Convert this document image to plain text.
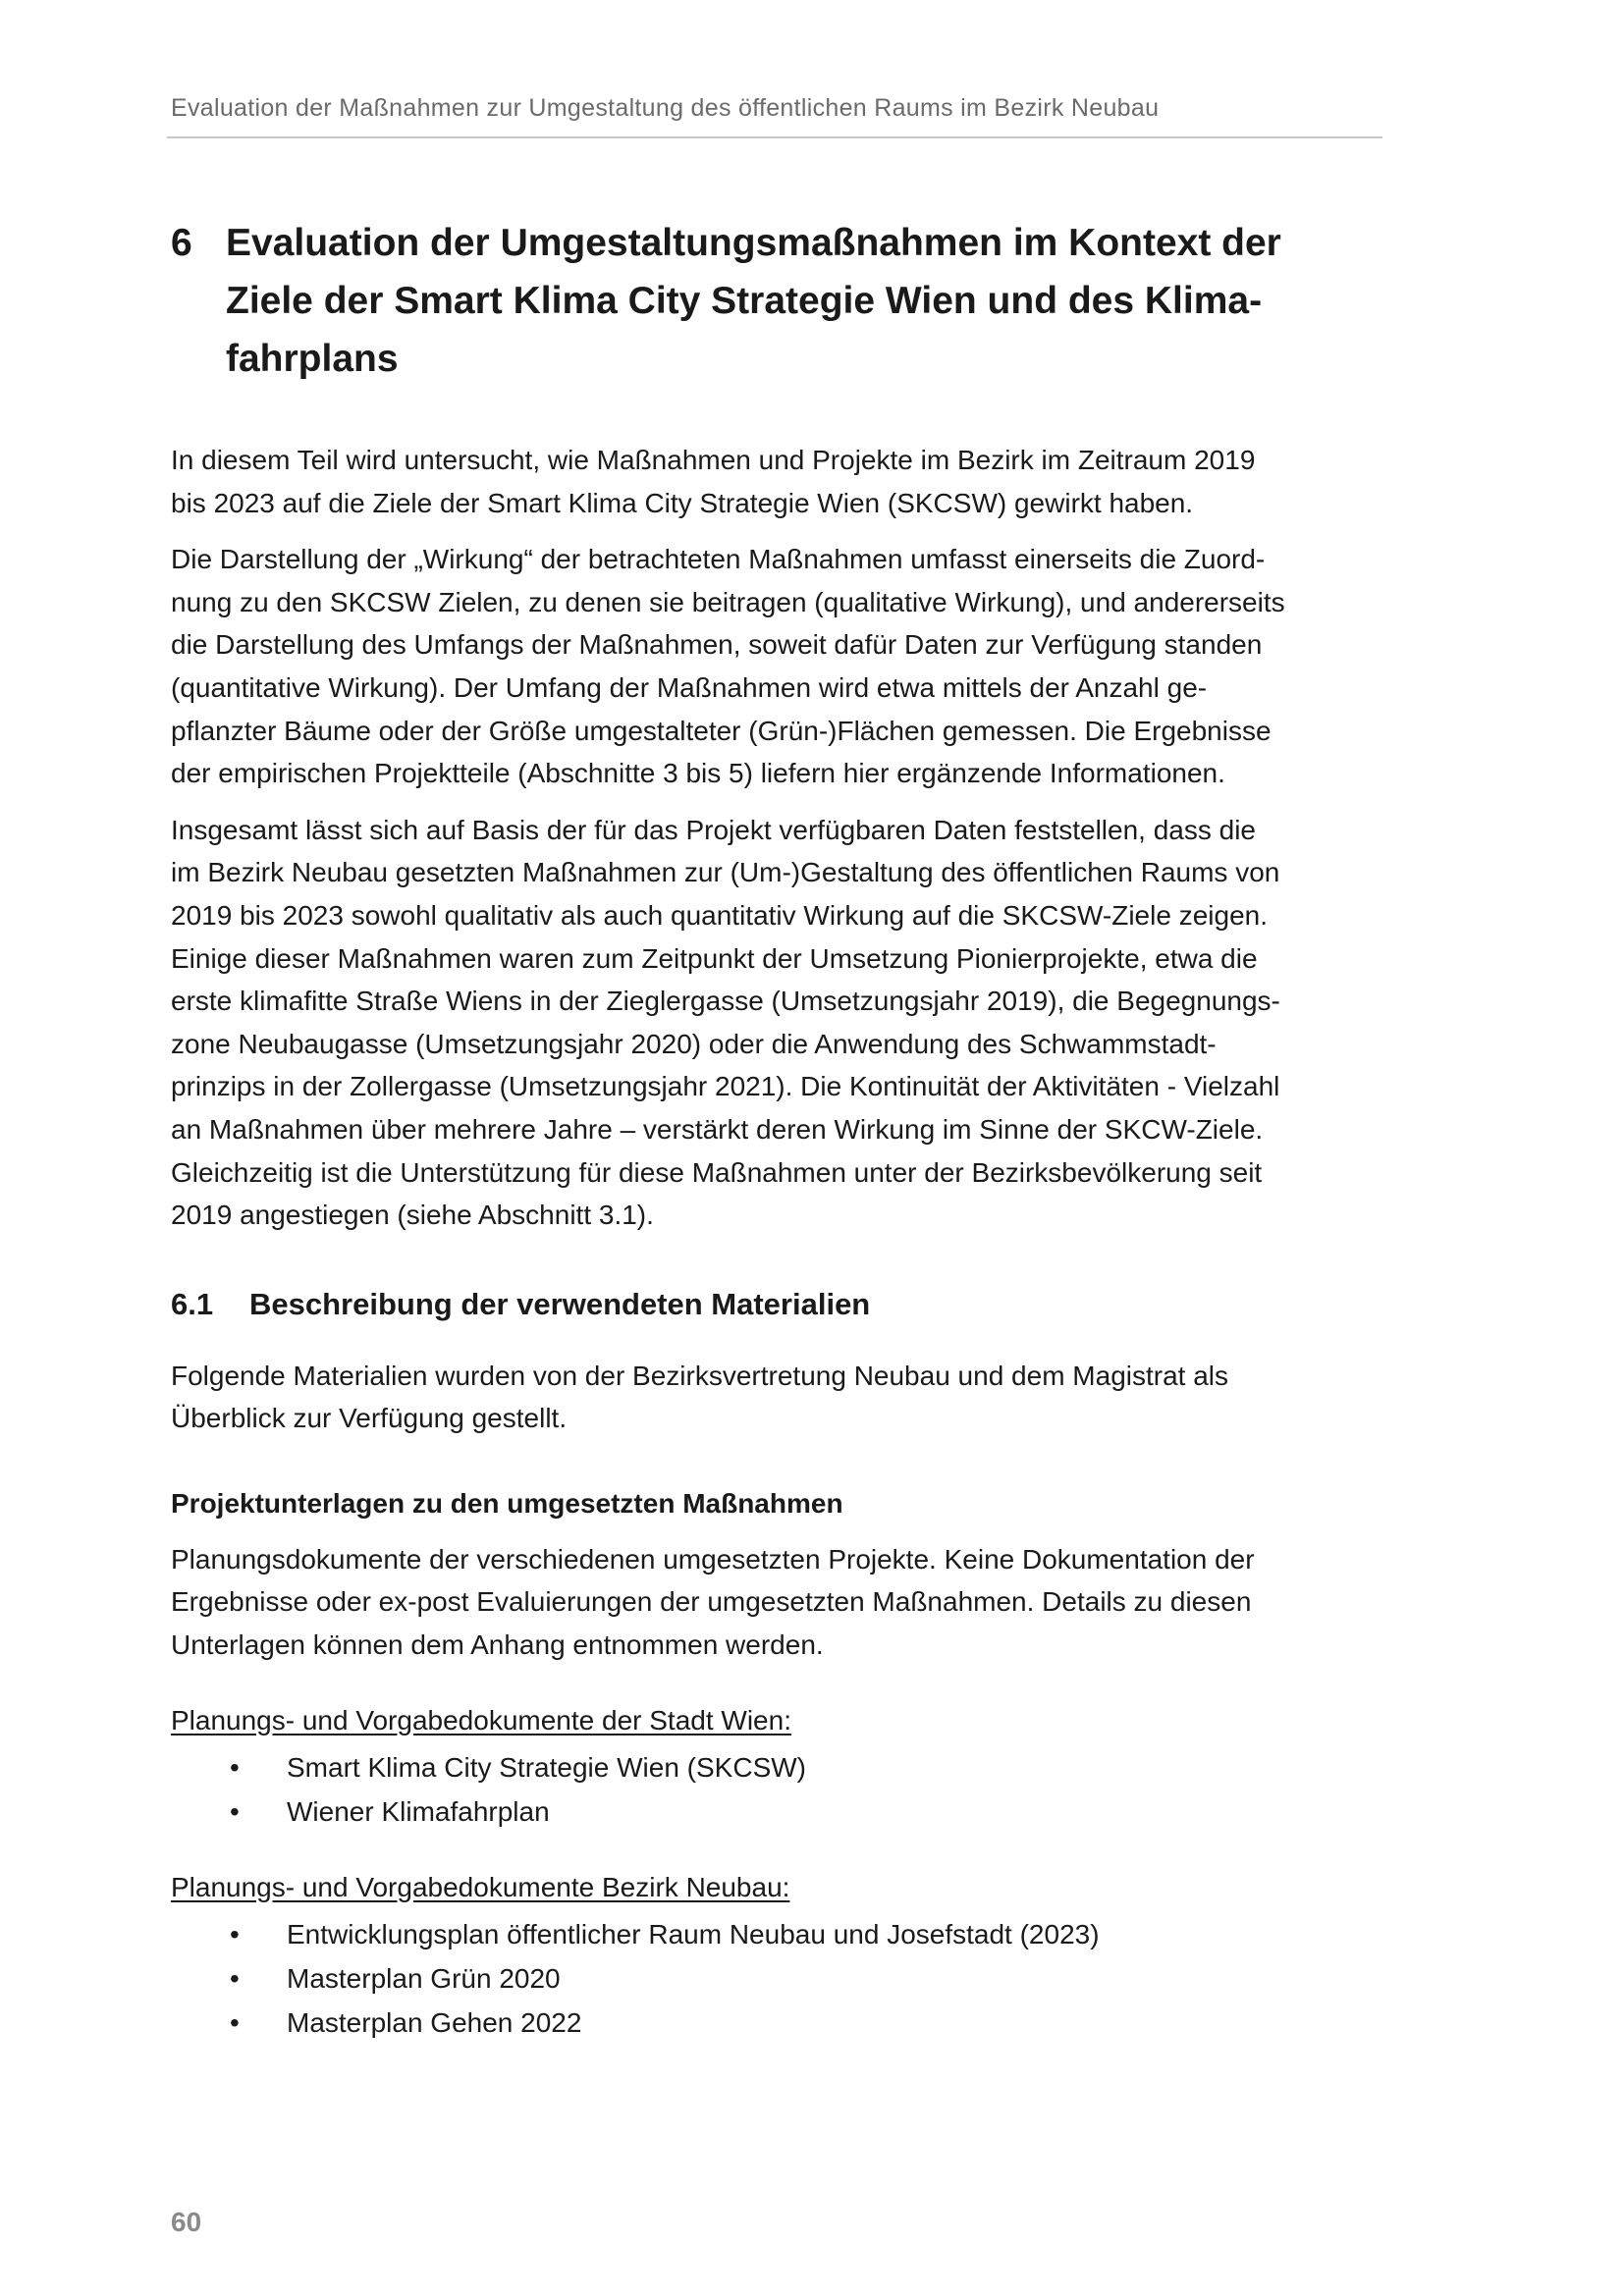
Evaluation der Maßnahmen zur Umgestaltung des öffentlichen Raums im Bezirk Neubau
6 Evaluation der Umgestaltungsmaßnahmen im Kontext der
Ziele der Smart Klima City Strategie Wien und des Klima-
fahrplans

In diesem Teil wird untersucht, wie Maßnahmen und Projekte im Bezirk im Zeitraum 2019
bis 2023 auf die Ziele der Smart Klima City Strategie Wien (SKCSW) gewirkt haben.

Die Darstellung der „Wirkung“ der betrachteten Maßnahmen umfasst einerseits die Zuord-
nung zu den SKCSW Zielen, zu denen sie beitragen (qualitative Wirkung), und andererseits
die Darstellung des Umfangs der Maßnahmen, soweit dafür Daten zur Verfügung standen
(quantitative Wirkung). Der Umfang der Maßnahmen wird etwa mittels der Anzahl ge-
pflanzter Bäume oder der Größe umgestalteter (Grün-)Flächen gemessen. Die Ergebnisse
der empirischen Projektteile (Abschnitte 3 bis 5) liefern hier ergänzende Informationen.

Insgesamt lässt sich auf Basis der für das Projekt verfügbaren Daten feststellen, dass die
im Bezirk Neubau gesetzten Maßnahmen zur (Um-)Gestaltung des öffentlichen Raums von
2019 bis 2023 sowohl qualitativ als auch quantitativ Wirkung auf die SKCSW-Ziele zeigen.
Einige dieser Maßnahmen waren zum Zeitpunkt der Umsetzung Pionierprojekte, etwa die
erste klimafitte Straße Wiens in der Zieglergasse (Umsetzungsjahr 2019), die Begegnungs-
zone Neubaugasse (Umsetzungsjahr 2020) oder die Anwendung des Schwammstadt-
prinzips in der Zollergasse (Umsetzungsjahr 2021). Die Kontinuität der Aktivitäten - Vielzahl
an Maßnahmen über mehrere Jahre – verstärkt deren Wirkung im Sinne der SKCW-Ziele.
Gleichzeitig ist die Unterstützung für diese Maßnahmen unter der Bezirksbevölkerung seit
2019 angestiegen (siehe Abschnitt 3.1).

6.1	Beschreibung der verwendeten Materialien

Folgende Materialien wurden von der Bezirksvertretung Neubau und dem Magistrat als
Überblick zur Verfügung gestellt.

Projektunterlagen zu den umgesetzten Maßnahmen

Planungsdokumente der verschiedenen umgesetzten Projekte. Keine Dokumentation der
Ergebnisse oder ex-post Evaluierungen der umgesetzten Maßnahmen. Details zu diesen
Unterlagen können dem Anhang entnommen werden.

Planungs- und Vorgabedokumente der Stadt Wien:
•	Smart Klima City Strategie Wien (SKCSW)
•	Wiener Klimafahrplan
Planungs- und Vorgabedokumente Bezirk Neubau:
•	Entwicklungsplan öffentlicher Raum Neubau und Josefstadt (2023)
•	Masterplan Grün 2020
•	Masterplan Gehen 2022
60
